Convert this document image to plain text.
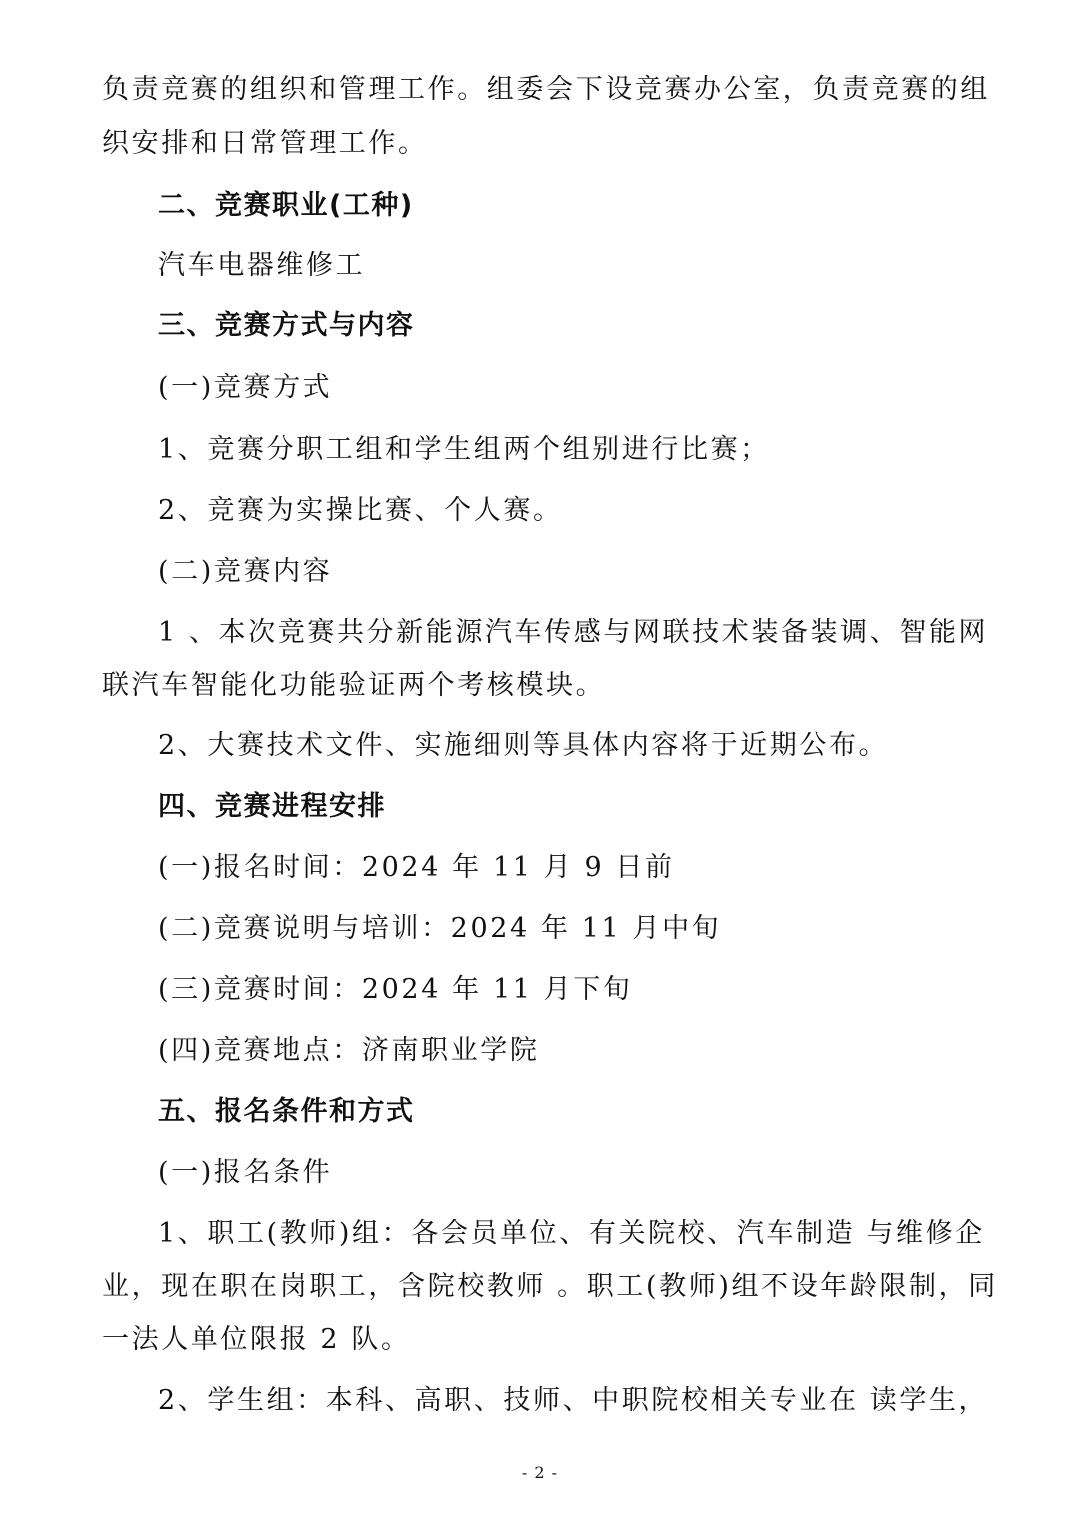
负责竞赛的组织和管理工作。组委会下设竞赛办公室，负责竞赛的组
织安排和日常管理工作。
二、竞赛职业(工种)
汽车电器维修工
三、竞赛方式与内容
(一)竞赛方式
1、竞赛分职工组和学生组两个组别进行比赛；
2、竞赛为实操比赛、个人赛。
(二)竞赛内容
1 、本次竞赛共分新能源汽车传感与网联技术装备装调、智能网
联汽车智能化功能验证两个考核模块。
2、大赛技术文件、实施细则等具体内容将于近期公布。
四、竞赛进程安排
(一)报名时间：2024 年 11 月 9 日前
(二)竞赛说明与培训：2024 年 11 月中旬
(三)竞赛时间：2024 年 11 月下旬
(四)竞赛地点：济南职业学院
五、报名条件和方式
(一)报名条件
1、职工(教师)组：各会员单位、有关院校、汽车制造 与维修企
业，现在职在岗职工，含院校教师 。职工(教师)组不设年龄限制，同
一法人单位限报 2 队。
2、学生组：本科、高职、技师、中职院校相关专业在 读学生，
- 2 -
